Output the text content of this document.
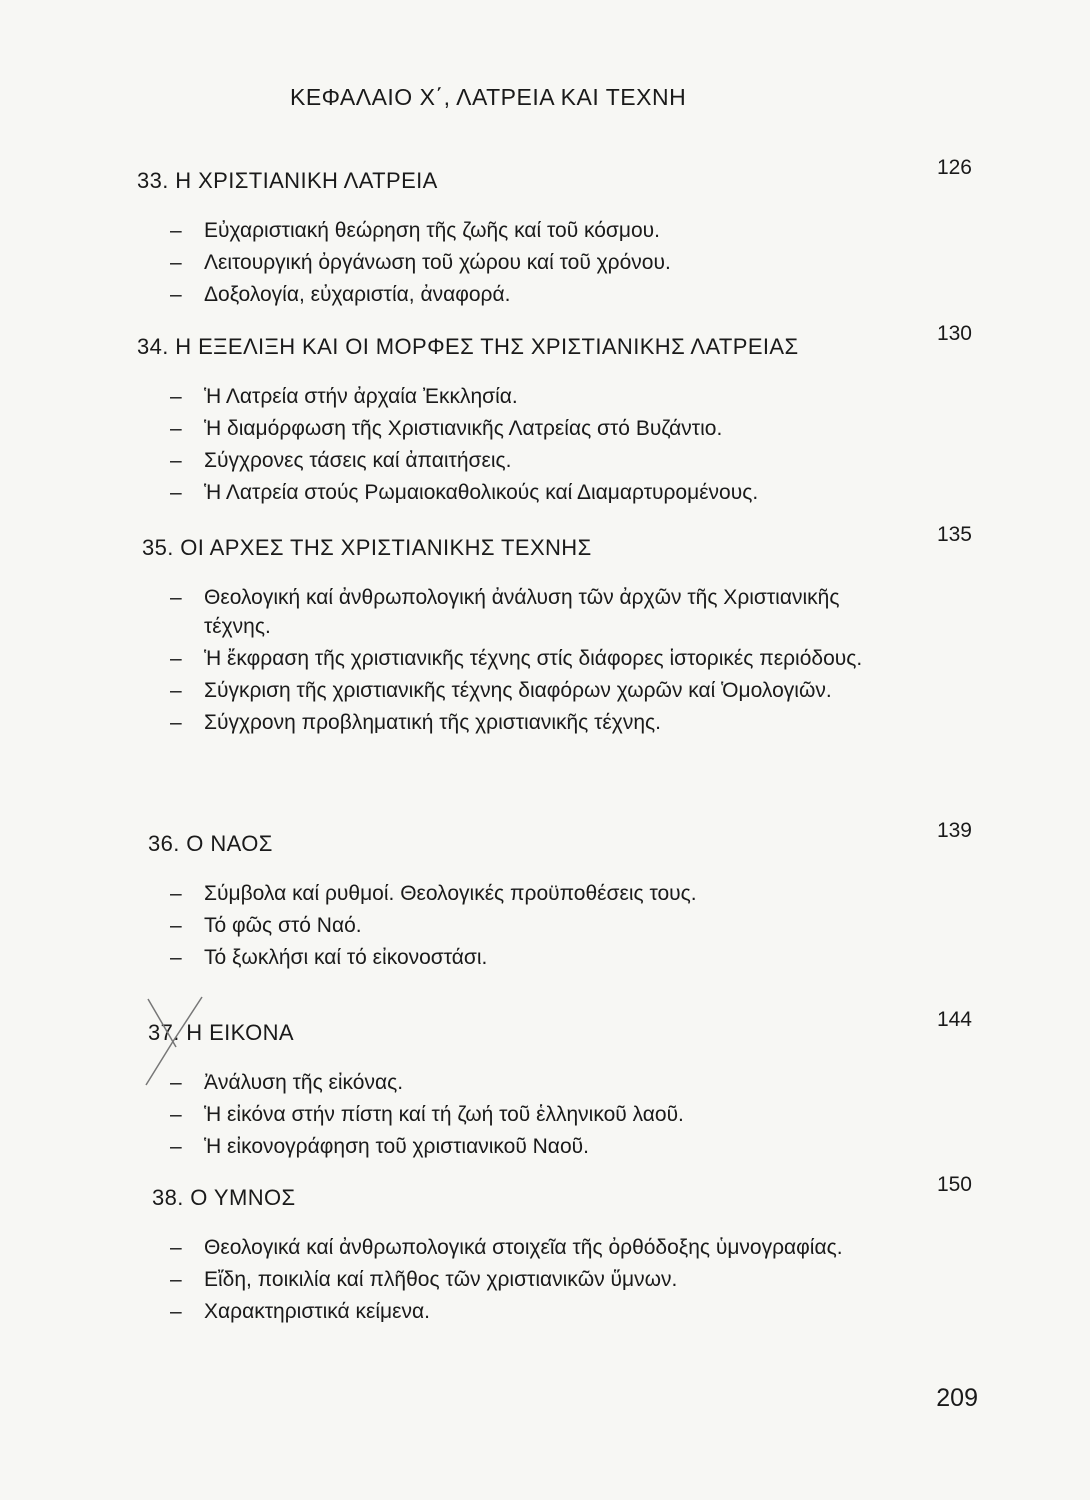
ΚΕΦΑΛΑΙΟ Χ΄, ΛΑΤΡΕΙΑ ΚΑΙ ΤΕΧΝΗ
33. Η ΧΡΙΣΤΙΑΝΙΚΗ ΛΑΤΡΕΙΑ
126
– Εὐχαριστιακή θεώρηση τῆς ζωῆς καί τοῦ κόσμου.
– Λειτουργική ὀργάνωση τοῦ χώρου καί τοῦ χρόνου.
– Δοξολογία, εὐχαριστία, ἀναφορά.
34. Η ΕΞΕΛΙΞΗ ΚΑΙ ΟΙ ΜΟΡΦΕΣ ΤΗΣ ΧΡΙΣΤΙΑΝΙΚΗΣ ΛΑΤΡΕΙΑΣ
130
– Ἡ Λατρεία στήν ἀρχαία Ἐκκλησία.
– Ἡ διαμόρφωση τῆς Χριστιανικῆς Λατρείας στό Βυζάντιο.
– Σύγχρονες τάσεις καί ἀπαιτήσεις.
– Ἡ Λατρεία στούς Ρωμαιοκαθολικούς καί Διαμαρτυρομένους.
35. ΟΙ ΑΡΧΕΣ ΤΗΣ ΧΡΙΣΤΙΑΝΙΚΗΣ ΤΕΧΝΗΣ
135
– Θεολογική καί ἀνθρωπολογική ἀνάλυση τῶν ἀρχῶν τῆς Χριστιανικῆς τέχνης.
– Ἡ ἔκφραση τῆς χριστιανικῆς τέχνης στίς διάφορες ἱστορικές περιόδους.
– Σύγκριση τῆς χριστιανικῆς τέχνης διαφόρων χωρῶν καί Ὁμολογιῶν.
– Σύγχρονη προβληματική τῆς χριστιανικῆς τέχνης.
36. Ο ΝΑΟΣ
139
– Σύμβολα καί ρυθμοί. Θεολογικές προϋποθέσεις τους.
– Τό φῶς στό Ναό.
– Τό ξωκλήσι καί τό εἰκονοστάσι.
37. Η ΕΙΚΟΝΑ
144
– Ἀνάλυση τῆς εἰκόνας.
– Ἡ εἰκόνα στήν πίστη καί τή ζωή τοῦ ἑλληνικοῦ λαοῦ.
– Ἡ εἰκονογράφηση τοῦ χριστιανικοῦ Ναοῦ.
38. Ο ΥΜΝΟΣ
150
– Θεολογικά καί ἀνθρωπολογικά στοιχεῖα τῆς ὀρθόδοξης ὑμνογραφίας.
– Εἴδη, ποικιλία καί πλῆθος τῶν χριστιανικῶν ὕμνων.
– Χαρακτηριστικά κείμενα.
209
